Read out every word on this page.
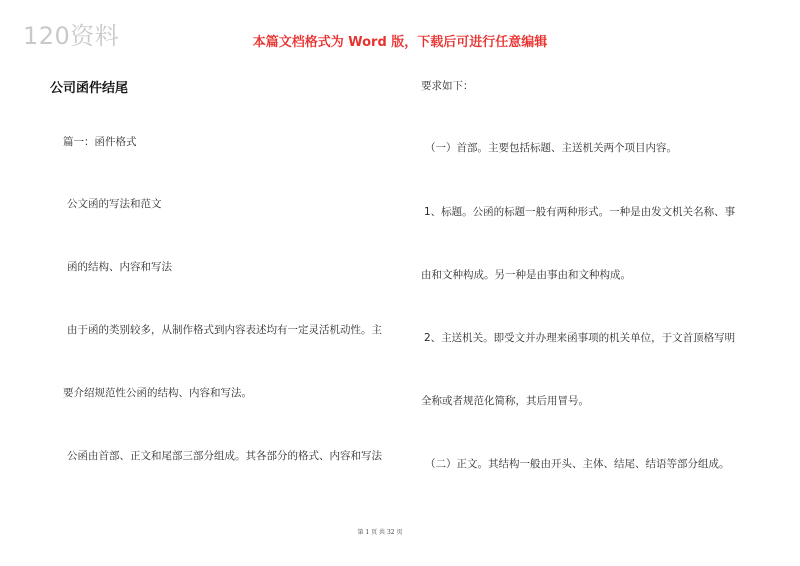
120资料	本篇文档格式为 Word 版，下载后可进行任意编辑
公司函件结尾
篇一：函件格式
公文函的写法和范文
函的结构、内容和写法
由于函的类别较多，从制作格式到内容表述均有一定灵活机动性。主
要介绍规范性公函的结构、内容和写法。
公函由首部、正文和尾部三部分组成。其各部分的格式、内容和写法
要求如下：
（一）首部。主要包括标题、主送机关两个项目内容。
1、标题。公函的标题一般有两种形式。一种是由发文机关名称、事
由和文种构成。另一种是由事由和文种构成。
2、主送机关。即受文并办理来函事项的机关单位，于文首顶格写明
全称或者规范化简称，其后用冒号。
（二）正文。其结构一般由开头、主体、结尾、结语等部分组成。
第 1 页 共 32 页
